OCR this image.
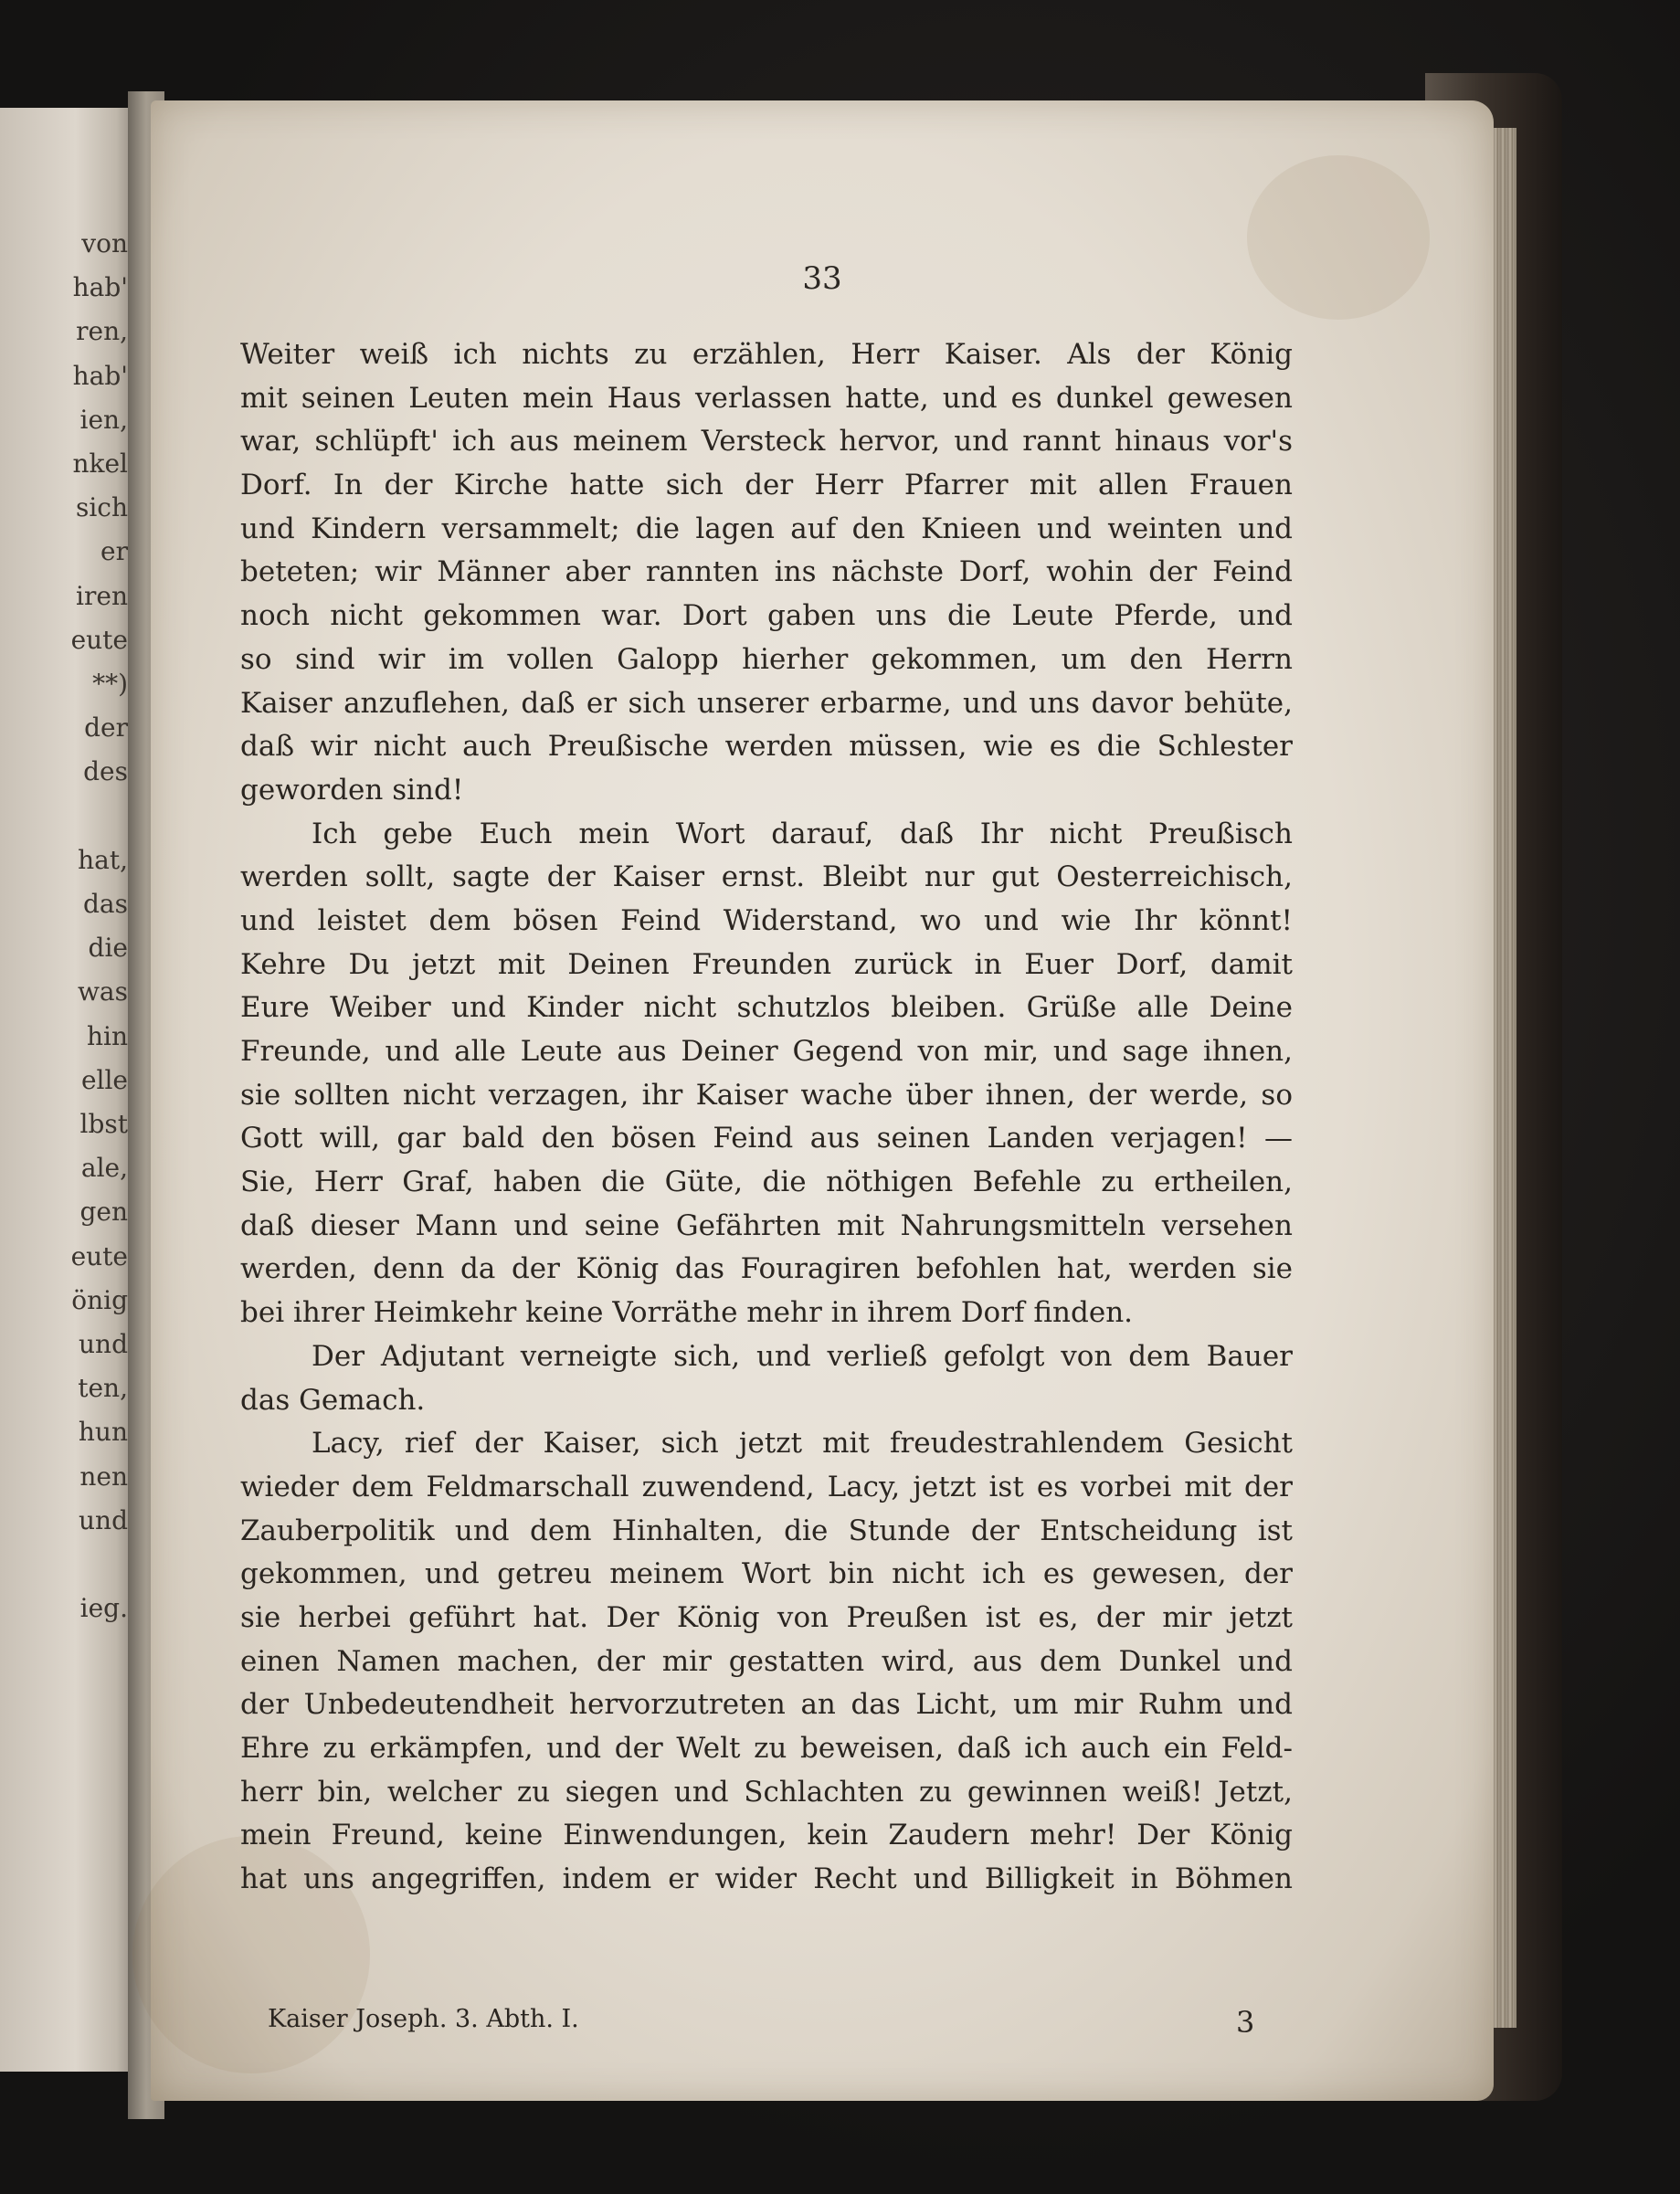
von
hab'
ren,
hab'
ien,
nkel
sich
er
iren
eute
**)
der
des
hat,
das
die
was
hin
elle
lbst
ale,
gen
eute
önig
und
ten,
hun
nen
und
ieg.
33
Weiter weiß ich nichts zu erzählen, Herr Kaiser. Als der König
mit seinen Leuten mein Haus verlassen hatte, und es dunkel gewesen
war, schlüpft' ich aus meinem Versteck hervor, und rannt hinaus vor's
Dorf. In der Kirche hatte sich der Herr Pfarrer mit allen Frauen
und Kindern versammelt; die lagen auf den Knieen und weinten und
beteten; wir Männer aber rannten ins nächste Dorf, wohin der Feind
noch nicht gekommen war. Dort gaben uns die Leute Pferde, und
so sind wir im vollen Galopp hierher gekommen, um den Herrn
Kaiser anzuflehen, daß er sich unserer erbarme, und uns davor behüte,
daß wir nicht auch Preußische werden müssen, wie es die Schlester
geworden sind!
Ich gebe Euch mein Wort darauf, daß Ihr nicht Preußisch
werden sollt, sagte der Kaiser ernst. Bleibt nur gut Oesterreichisch,
und leistet dem bösen Feind Widerstand, wo und wie Ihr könnt!
Kehre Du jetzt mit Deinen Freunden zurück in Euer Dorf, damit
Eure Weiber und Kinder nicht schutzlos bleiben. Grüße alle Deine
Freunde, und alle Leute aus Deiner Gegend von mir, und sage ihnen,
sie sollten nicht verzagen, ihr Kaiser wache über ihnen, der werde, so
Gott will, gar bald den bösen Feind aus seinen Landen verjagen! —
Sie, Herr Graf, haben die Güte, die nöthigen Befehle zu ertheilen,
daß dieser Mann und seine Gefährten mit Nahrungsmitteln versehen
werden, denn da der König das Fouragiren befohlen hat, werden sie
bei ihrer Heimkehr keine Vorräthe mehr in ihrem Dorf finden.
Der Adjutant verneigte sich, und verließ gefolgt von dem Bauer
das Gemach.
Lacy, rief der Kaiser, sich jetzt mit freudestrahlendem Gesicht
wieder dem Feldmarschall zuwendend, Lacy, jetzt ist es vorbei mit der
Zauberpolitik und dem Hinhalten, die Stunde der Entscheidung ist
gekommen, und getreu meinem Wort bin nicht ich es gewesen, der
sie herbei geführt hat. Der König von Preußen ist es, der mir jetzt
einen Namen machen, der mir gestatten wird, aus dem Dunkel und
der Unbedeutendheit hervorzutreten an das Licht, um mir Ruhm und
Ehre zu erkämpfen, und der Welt zu beweisen, daß ich auch ein Feld-
herr bin, welcher zu siegen und Schlachten zu gewinnen weiß! Jetzt,
mein Freund, keine Einwendungen, kein Zaudern mehr! Der König
hat uns angegriffen, indem er wider Recht und Billigkeit in Böhmen
Kaiser Joseph. 3. Abth. I.	3
